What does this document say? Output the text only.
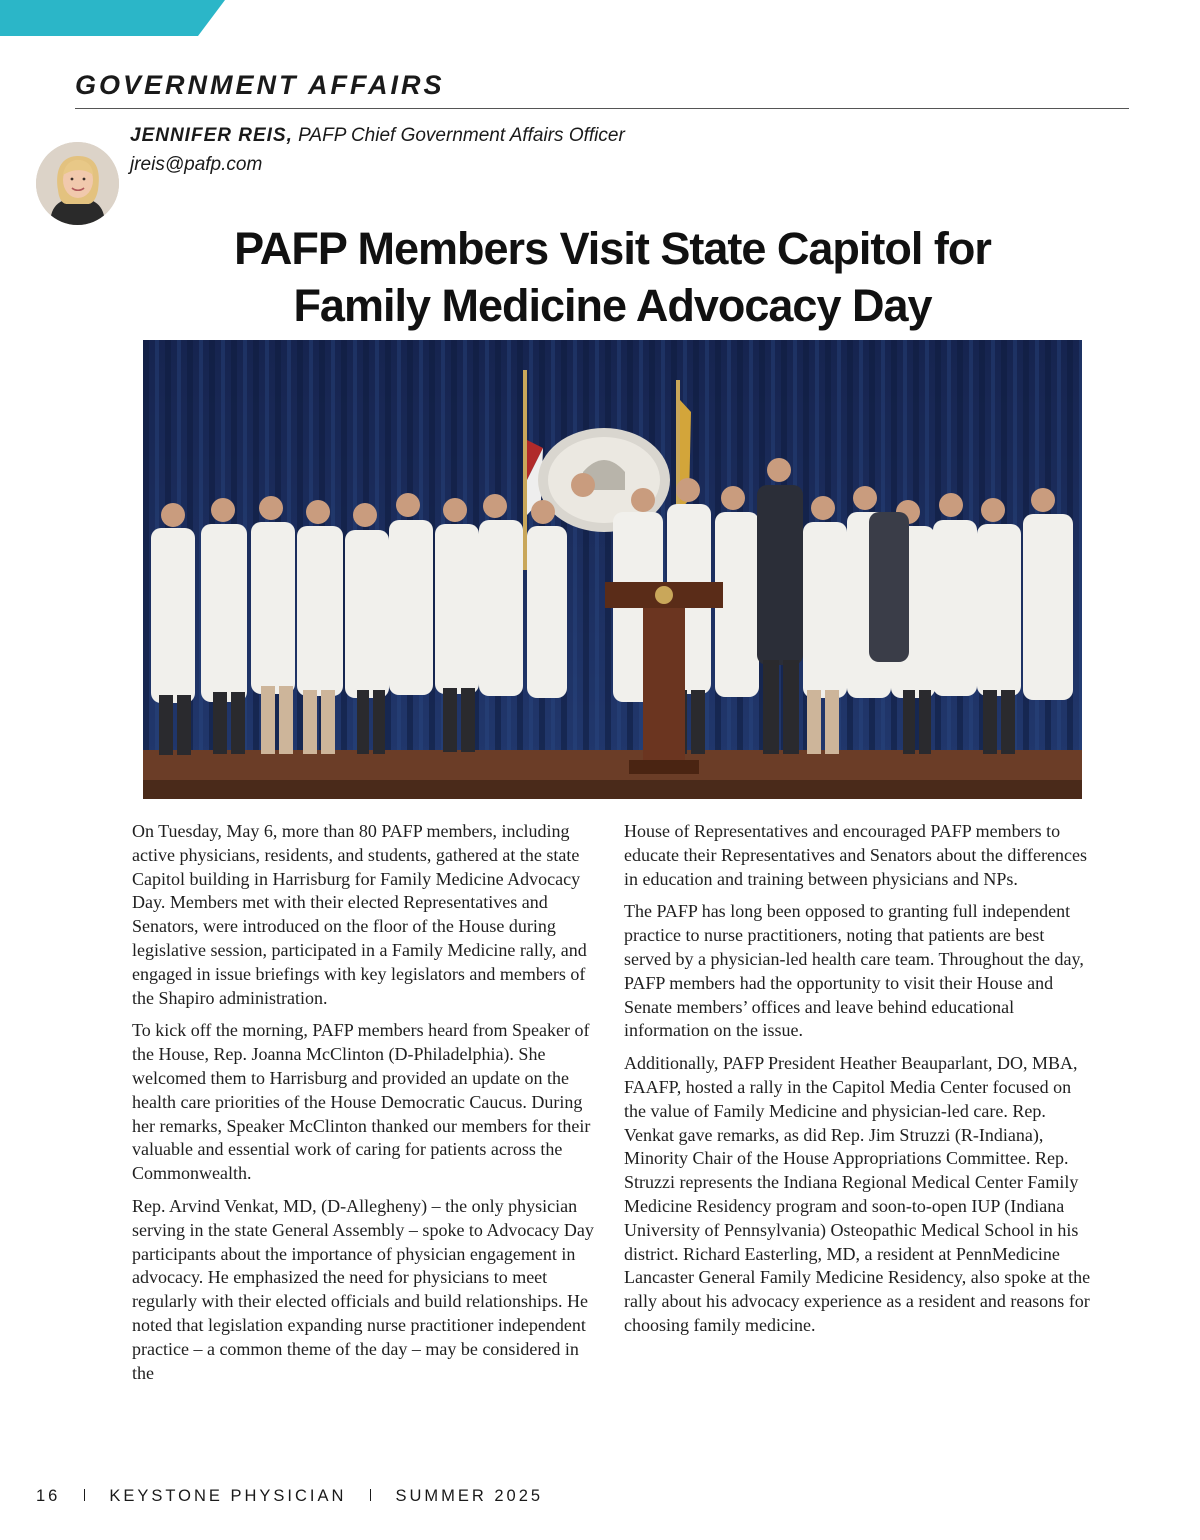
GOVERNMENT AFFAIRS
JENNIFER REIS, PAFP Chief Government Affairs Officer
jreis@pafp.com
PAFP Members Visit State Capitol for
Family Medicine Advocacy Day

On Tuesday, May 6, more than 80 PAFP members, including active physicians, residents, and students, gathered at the state Capitol building in Harrisburg for Family Medicine Advocacy Day. Members met with their elected Representatives and Senators, were introduced on the floor of the House during legislative session, participated in a Family Medicine rally, and engaged in issue briefings with key legislators and members of the Shapiro administration.

To kick off the morning, PAFP members heard from Speaker of the House, Rep. Joanna McClinton (D-Philadelphia). She welcomed them to Harrisburg and provided an update on the health care priorities of the House Democratic Caucus. During her remarks, Speaker McClinton thanked our members for their valuable and essential work of caring for patients across the Commonwealth.

Rep. Arvind Venkat, MD, (D-Allegheny) – the only physician serving in the state General Assembly – spoke to Advocacy Day participants about the importance of physician engagement in advocacy. He emphasized the need for physicians to meet regularly with their elected officials and build relationships. He noted that legislation expanding nurse practitioner independent practice – a common theme of the day – may be considered in the

House of Representatives and encouraged PAFP members to educate their Representatives and Senators about the differences in education and training between physicians and NPs.

The PAFP has long been opposed to granting full independent practice to nurse practitioners, noting that patients are best served by a physician-led health care team. Throughout the day, PAFP members had the opportunity to visit their House and Senate members’ offices and leave behind educational information on the issue.

Additionally, PAFP President Heather Beauparlant, DO, MBA, FAAFP, hosted a rally in the Capitol Media Center focused on the value of Family Medicine and physician-led care. Rep. Venkat gave remarks, as did Rep. Jim Struzzi (R-Indiana), Minority Chair of the House Appropriations Committee. Rep. Struzzi represents the Indiana Regional Medical Center Family Medicine Residency program and soon-to-open IUP (Indiana University of Pennsylvania) Osteopathic Medical School in his district. Richard Easterling, MD, a resident at PennMedicine Lancaster General Family Medicine Residency, also spoke at the rally about his advocacy experience as a resident and reasons for choosing family medicine.

16	KEYSTONE PHYSICIAN	SUMMER 2025
